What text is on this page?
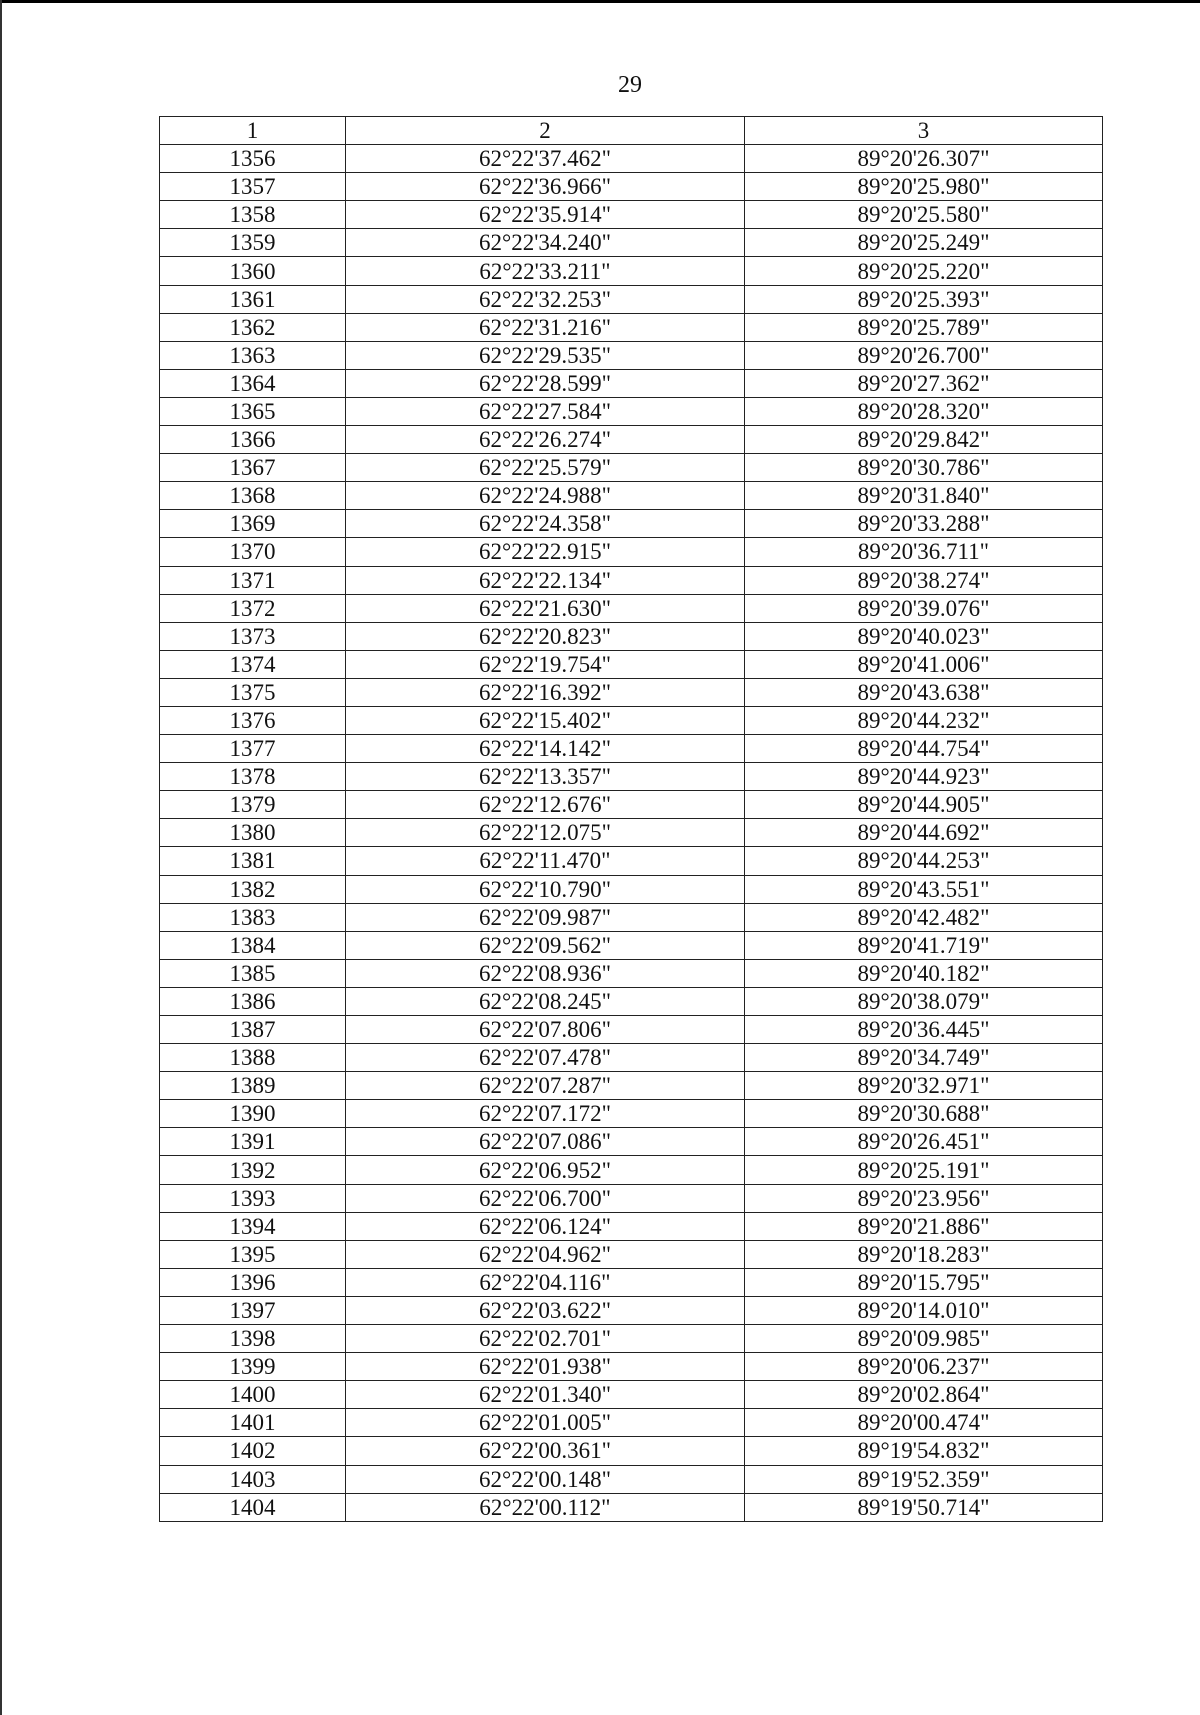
29
1	2	3
1356	62°22'37.462"	89°20'26.307"
1357	62°22'36.966"	89°20'25.980"
1358	62°22'35.914"	89°20'25.580"
1359	62°22'34.240"	89°20'25.249"
1360	62°22'33.211"	89°20'25.220"
1361	62°22'32.253"	89°20'25.393"
1362	62°22'31.216"	89°20'25.789"
1363	62°22'29.535"	89°20'26.700"
1364	62°22'28.599"	89°20'27.362"
1365	62°22'27.584"	89°20'28.320"
1366	62°22'26.274"	89°20'29.842"
1367	62°22'25.579"	89°20'30.786"
1368	62°22'24.988"	89°20'31.840"
1369	62°22'24.358"	89°20'33.288"
1370	62°22'22.915"	89°20'36.711"
1371	62°22'22.134"	89°20'38.274"
1372	62°22'21.630"	89°20'39.076"
1373	62°22'20.823"	89°20'40.023"
1374	62°22'19.754"	89°20'41.006"
1375	62°22'16.392"	89°20'43.638"
1376	62°22'15.402"	89°20'44.232"
1377	62°22'14.142"	89°20'44.754"
1378	62°22'13.357"	89°20'44.923"
1379	62°22'12.676"	89°20'44.905"
1380	62°22'12.075"	89°20'44.692"
1381	62°22'11.470"	89°20'44.253"
1382	62°22'10.790"	89°20'43.551"
1383	62°22'09.987"	89°20'42.482"
1384	62°22'09.562"	89°20'41.719"
1385	62°22'08.936"	89°20'40.182"
1386	62°22'08.245"	89°20'38.079"
1387	62°22'07.806"	89°20'36.445"
1388	62°22'07.478"	89°20'34.749"
1389	62°22'07.287"	89°20'32.971"
1390	62°22'07.172"	89°20'30.688"
1391	62°22'07.086"	89°20'26.451"
1392	62°22'06.952"	89°20'25.191"
1393	62°22'06.700"	89°20'23.956"
1394	62°22'06.124"	89°20'21.886"
1395	62°22'04.962"	89°20'18.283"
1396	62°22'04.116"	89°20'15.795"
1397	62°22'03.622"	89°20'14.010"
1398	62°22'02.701"	89°20'09.985"
1399	62°22'01.938"	89°20'06.237"
1400	62°22'01.340"	89°20'02.864"
1401	62°22'01.005"	89°20'00.474"
1402	62°22'00.361"	89°19'54.832"
1403	62°22'00.148"	89°19'52.359"
1404	62°22'00.112"	89°19'50.714"
